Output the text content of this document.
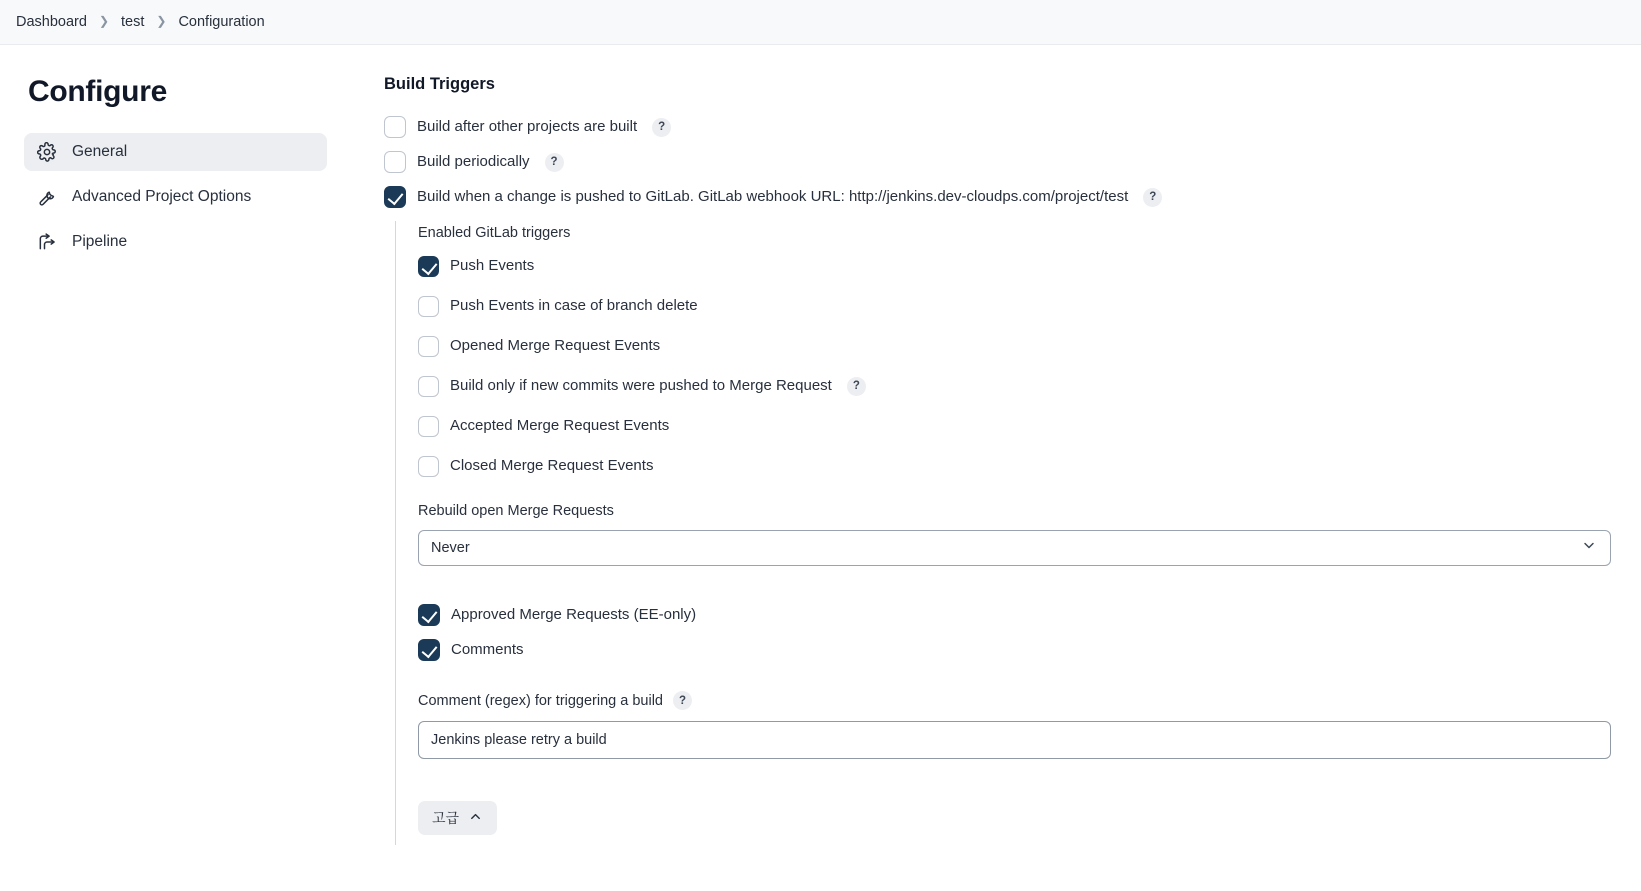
Dashboard ❯ test ❯ Configuration
Configure
General
Advanced Project Options
Pipeline
Build Triggers
Build after other projects are built	?
Build periodically	?
Build when a change is pushed to GitLab. GitLab webhook URL: http://jenkins.dev-cloudps.com/project/test	?
Enabled GitLab triggers
Push Events
Push Events in case of branch delete
Opened Merge Request Events
Build only if new commits were pushed to Merge Request	?
Accepted Merge Request Events
Closed Merge Request Events
Rebuild open Merge Requests
Never
Approved Merge Requests (EE-only)
Comments
Comment (regex) for triggering a build	?
Jenkins please retry a build
고급
